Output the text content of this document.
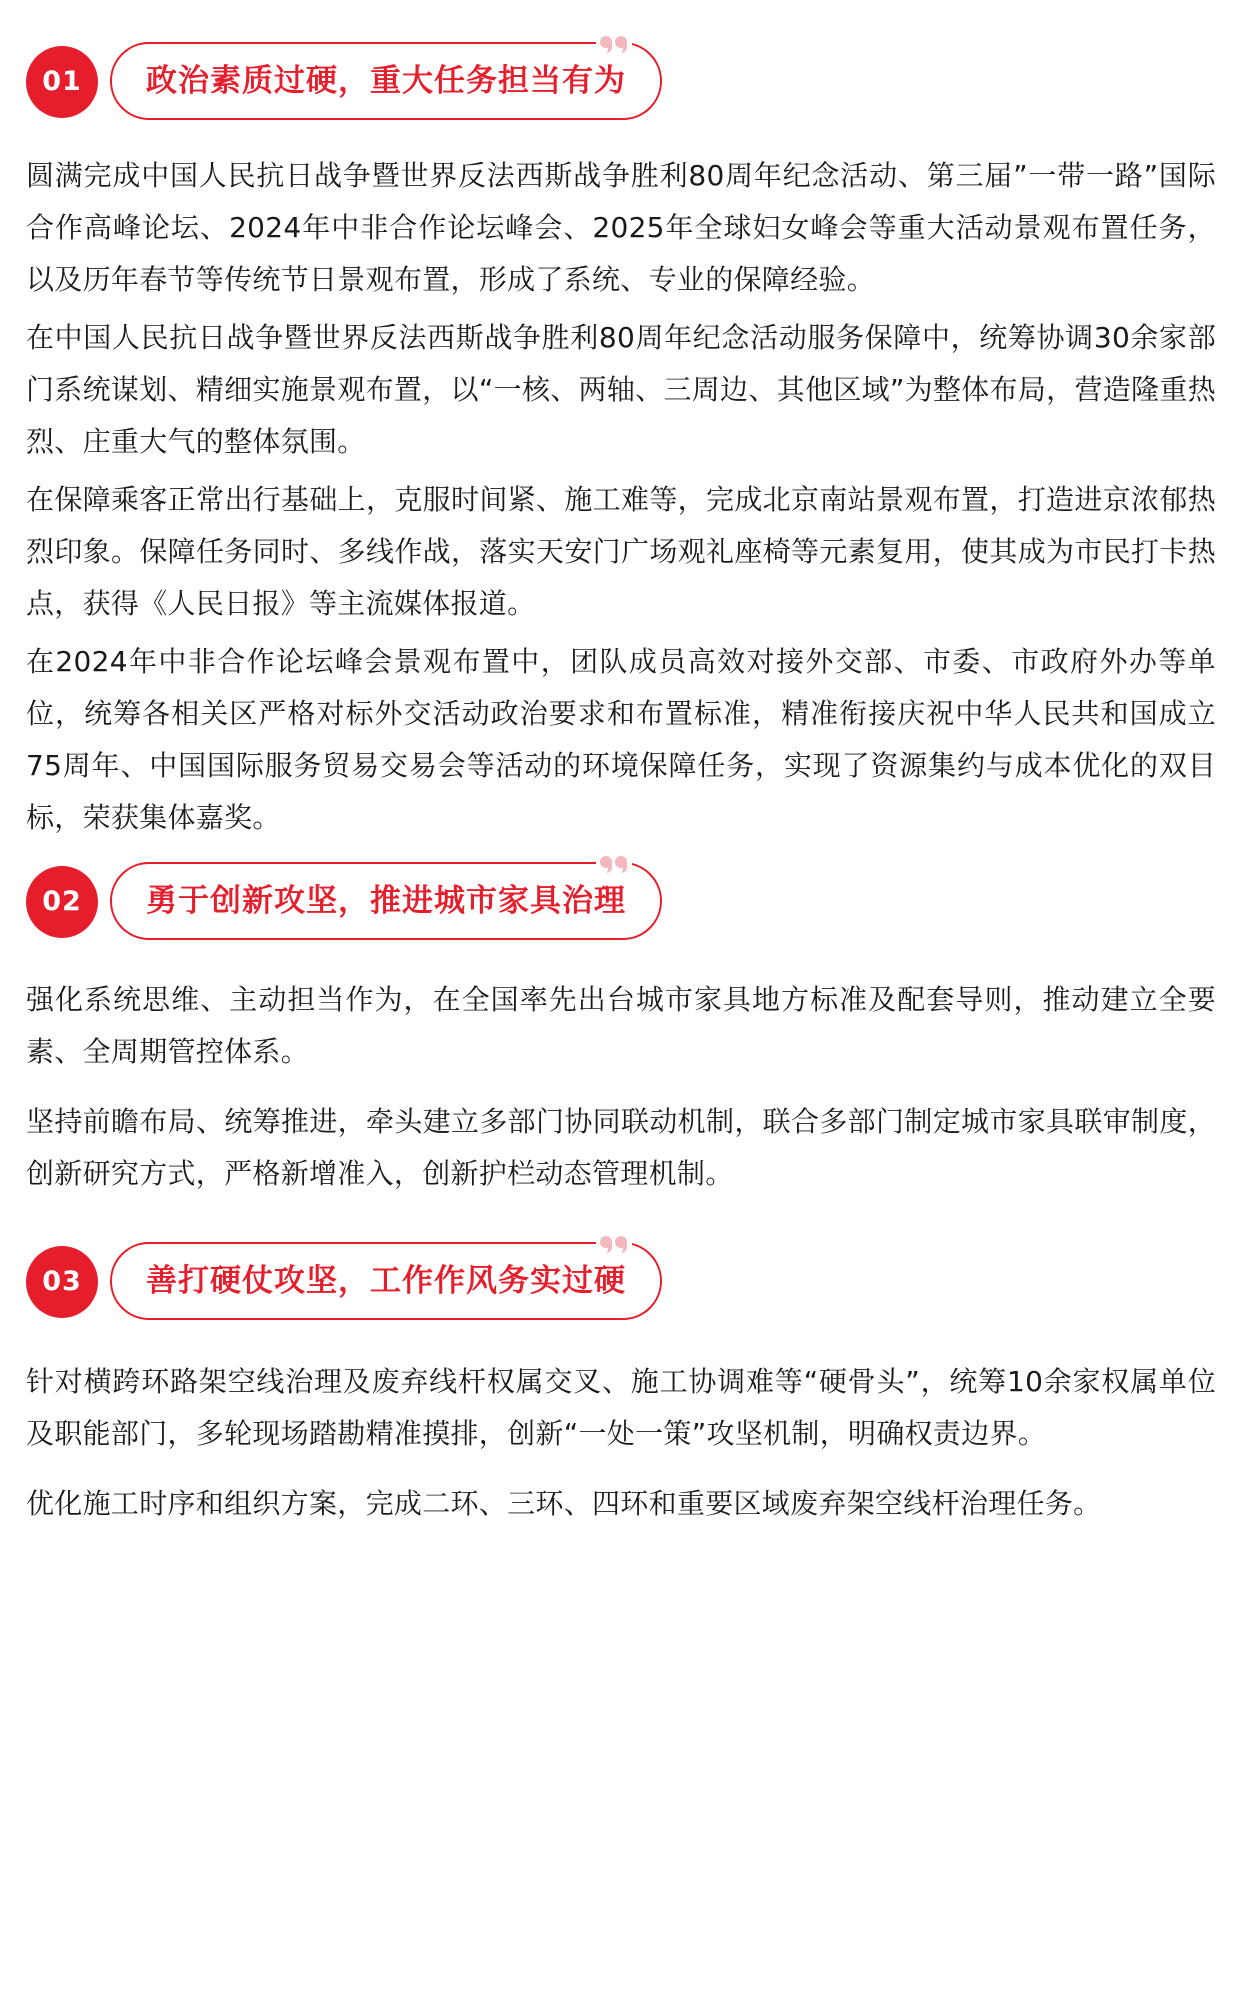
01	政治素质过硬，重大任务担当有为

圆满完成中国人民抗日战争暨世界反法西斯战争胜利80周年纪念活动、第三届”一带一路”国际合作高峰论坛、2024年中非合作论坛峰会、2025年全球妇女峰会等重大活动景观布置任务，以及历年春节等传统节日景观布置，形成了系统、专业的保障经验。

在中国人民抗日战争暨世界反法西斯战争胜利80周年纪念活动服务保障中，统筹协调30余家部门系统谋划、精细实施景观布置，以“一核、两轴、三周边、其他区域”为整体布局，营造隆重热烈、庄重大气的整体氛围。

在保障乘客正常出行基础上，克服时间紧、施工难等，完成北京南站景观布置，打造进京浓郁热烈印象。保障任务同时、多线作战，落实天安门广场观礼座椅等元素复用，使其成为市民打卡热点，获得《人民日报》等主流媒体报道。

在2024年中非合作论坛峰会景观布置中，团队成员高效对接外交部、市委、市政府外办等单位，统筹各相关区严格对标外交活动政治要求和布置标准，精准衔接庆祝中华人民共和国成立75周年、中国国际服务贸易交易会等活动的环境保障任务，实现了资源集约与成本优化的双目标，荣获集体嘉奖。

02	勇于创新攻坚，推进城市家具治理

强化系统思维、主动担当作为，在全国率先出台城市家具地方标准及配套导则，推动建立全要素、全周期管控体系。

坚持前瞻布局、统筹推进，牵头建立多部门协同联动机制，联合多部门制定城市家具联审制度，创新研究方式，严格新增准入，创新护栏动态管理机制。

03	善打硬仗攻坚，工作作风务实过硬

针对横跨环路架空线治理及废弃线杆权属交叉、施工协调难等“硬骨头”，统筹10余家权属单位及职能部门，多轮现场踏勘精准摸排，创新“一处一策”攻坚机制，明确权责边界。

优化施工时序和组织方案，完成二环、三环、四环和重要区域废弃架空线杆治理任务。
